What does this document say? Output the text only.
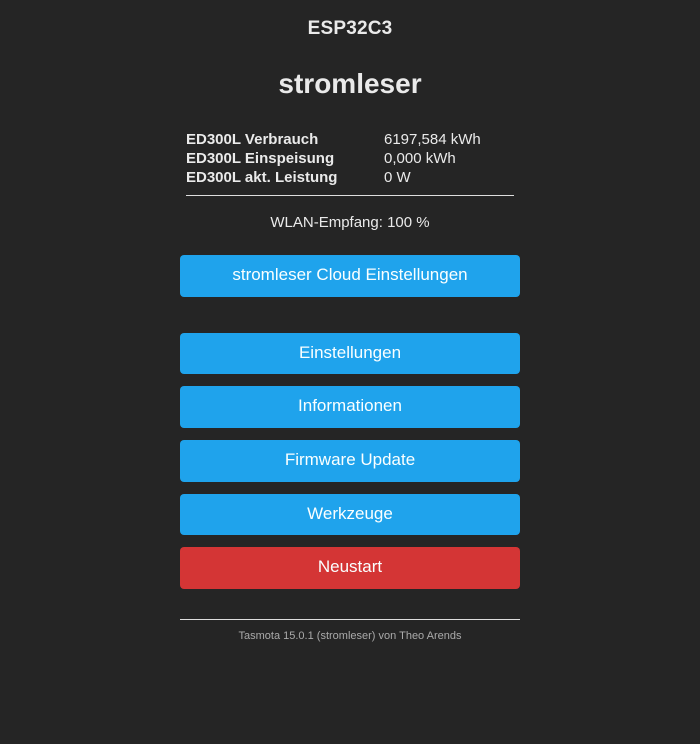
ESP32C3
stromleser
ED300L Verbrauch	6197,584 kWh
ED300L Einspeisung	0,000 kWh
ED300L akt. Leistung	0 W
WLAN-Empfang: 100 %
stromleser Cloud Einstellungen
Einstellungen
Informationen
Firmware Update
Werkzeuge
Neustart
Tasmota 15.0.1 (stromleser) von Theo Arends
